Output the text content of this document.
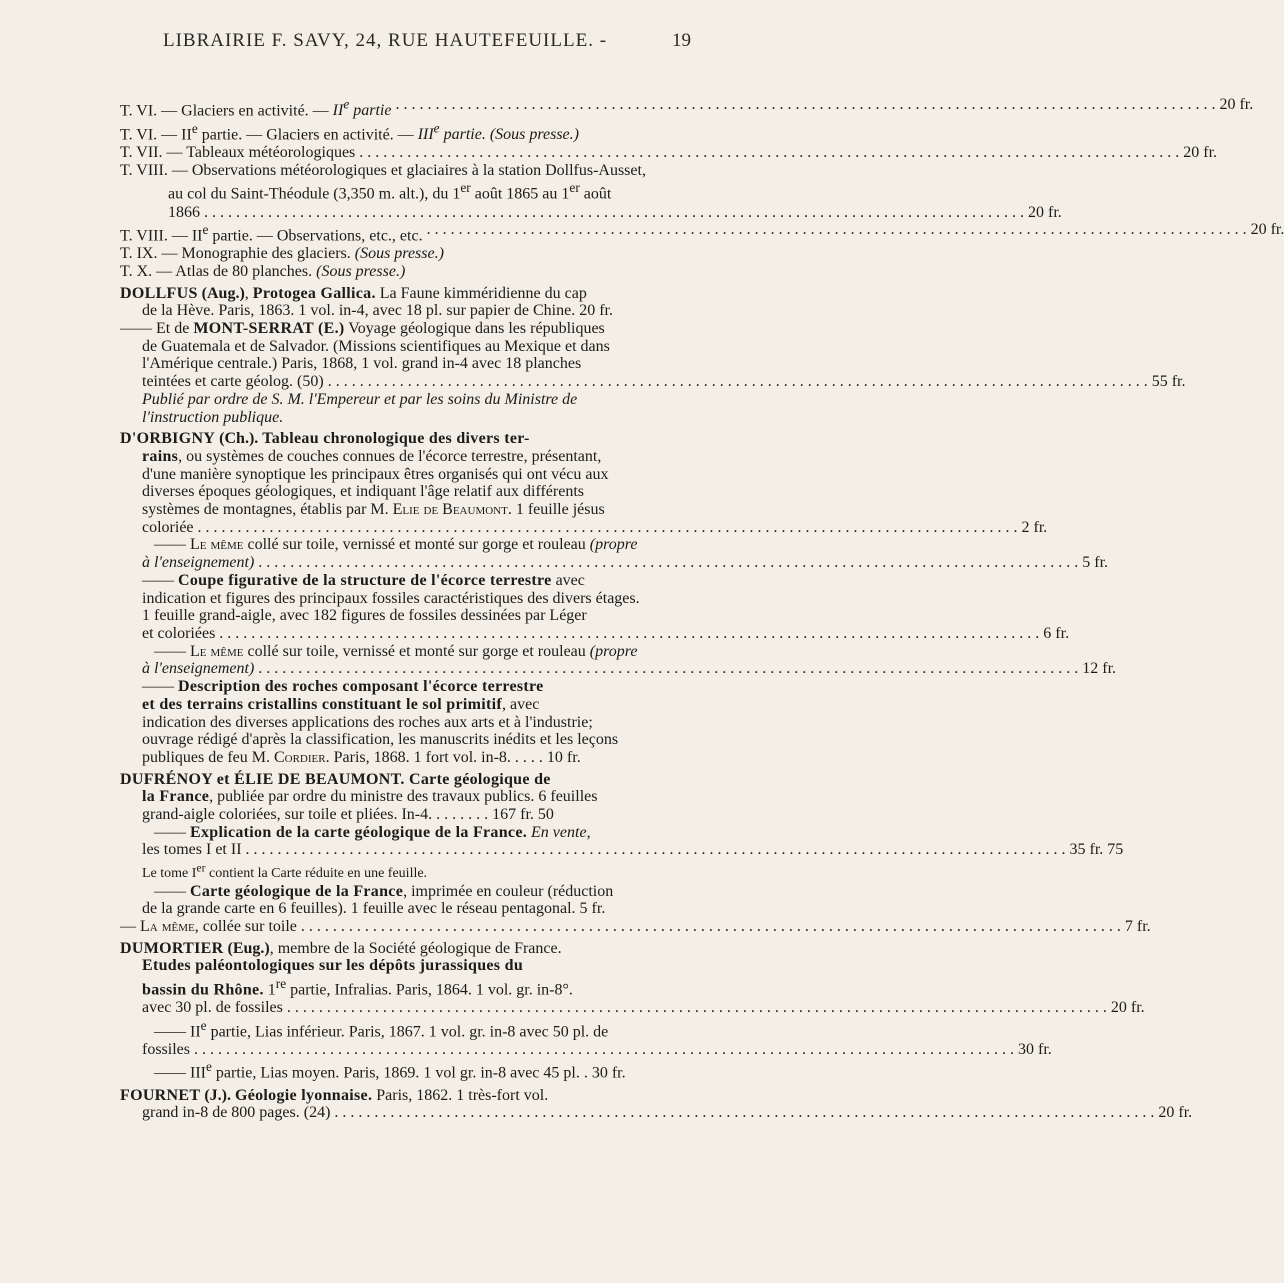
LIBRAIRIE F. SAVY, 24, RUE HAUTEFEUILLE. -	19
T. VI. — Glaciers en activité. — IIe partie . . .	20 fr.
T. VI. — IIe partie. — Glaciers en activité. — IIIe partie. (Sous presse.)
T. VII. — Tableaux météorologiques . . .	20 fr.
T. VIII. — Observations météorologiques et glaciaires à la station Dollfus-Ausset,
au col du Saint-Théodule (3,350 m. alt.), du 1er août 1865 au 1er août
1866 . . .	20 fr.
T. VIII. — IIe partie. — Observations, etc., etc. . . .	20 fr.
T. IX. — Monographie des glaciers. (Sous presse.)
T. X. — Atlas de 80 planches. (Sous presse.)
DOLLFUS (Aug.), Protogea Gallica. La Faune kimméridienne du cap
de la Hève. Paris, 1863. 1 vol. in-4, avec 18 pl. sur papier de Chine. 20 fr.
—— Et de MONT-SERRAT (E.) Voyage géologique dans les républiques
de Guatemala et de Salvador. (Missions scientifiques au Mexique et dans
l'Amérique centrale.) Paris, 1868, 1 vol. grand in-4 avec 18 planches
teintées et carte géolog. (50) . . .	55 fr.
Publié par ordre de S. M. l'Empereur et par les soins du Ministre de
l'instruction publique.
D'ORBIGNY (Ch.). Tableau chronologique des divers ter-
rains, ou systèmes de couches connues de l'écorce terrestre, présentant,
d'une manière synoptique les principaux êtres organisés qui ont vécu aux
diverses époques géologiques, et indiquant l'âge relatif aux différents
systèmes de montagnes, établis par M. Elie de Beaumont. 1 feuille jésus
coloriée . . .	2 fr.
—— Le même collé sur toile, vernissé et monté sur gorge et rouleau (propre
à l'enseignement) . . .	5 fr.
—— Coupe figurative de la structure de l'écorce terrestre avec
indication et figures des principaux fossiles caractéristiques des divers étages.
1 feuille grand-aigle, avec 182 figures de fossiles dessinées par Léger
et coloriées . . .	6 fr.
—— Le même collé sur toile, vernissé et monté sur gorge et rouleau (propre
à l'enseignement) . . .	12 fr.
—— Description des roches composant l'écorce terrestre
et des terrains cristallins constituant le sol primitif, avec
indication des diverses applications des roches aux arts et à l'industrie;
ouvrage rédigé d'après la classification, les manuscrits inédits et les leçons
publiques de feu M. Cordier. Paris, 1868. 1 fort vol. in-8. . . . . 10 fr.
DUFRÉNOY et ÉLIE DE BEAUMONT. Carte géologique de
la France, publiée par ordre du ministre des travaux publics. 6 feuilles
grand-aigle coloriées, sur toile et pliées. In-4. . . . . . . . 167 fr. 50
—— Explication de la carte géologique de la France. En vente,
les tomes I et II . . .	35 fr. 75
Le tome Ier contient la Carte réduite en une feuille.
—— Carte géologique de la France, imprimée en couleur (réduction
de la grande carte en 6 feuilles). 1 feuille avec le réseau pentagonal. 5 fr.
— La même, collée sur toile . . .	7 fr.
DUMORTIER (Eug.), membre de la Société géologique de France.
Etudes paléontologiques sur les dépôts jurassiques du
bassin du Rhône. 1re partie, Infralias. Paris, 1864. 1 vol. gr. in-8°.
avec 30 pl. de fossiles . . .	20 fr.
—— IIe partie, Lias inférieur. Paris, 1867. 1 vol. gr. in-8 avec 50 pl. de
fossiles . . .	30 fr.
—— IIIe partie, Lias moyen. Paris, 1869. 1 vol gr. in-8 avec 45 pl. . 30 fr.
FOURNET (J.). Géologie lyonnaise. Paris, 1862. 1 très-fort vol.
grand in-8 de 800 pages. (24) . . .	20 fr.
